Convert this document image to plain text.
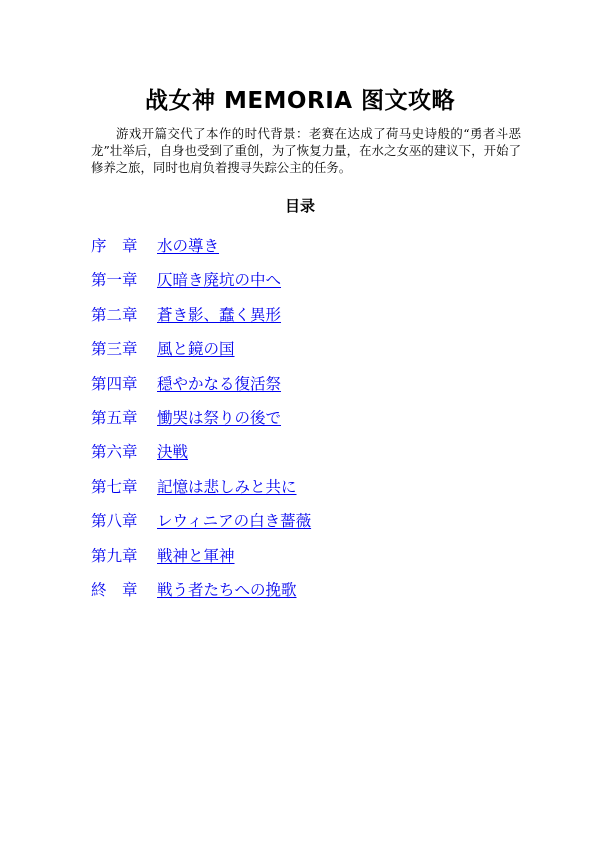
战女神 MEMORIA 图文攻略

游戏开篇交代了本作的时代背景：老赛在达成了荷马史诗般的“勇者斗恶龙”壮举后，自身也受到了重创，为了恢复力量，在水之女巫的建议下，开始了修养之旅，同时也肩负着搜寻失踪公主的任务。

目录
序　章 水の導き
第一章 仄暗き廃坑の中へ
第二章 蒼き影、蠢く異形
第三章 風と鏡の国
第四章 穏やかなる復活祭
第五章 慟哭は祭りの後で
第六章 決戦
第七章 記憶は悲しみと共に
第八章 レウィニアの白き薔薇
第九章 戦神と軍神
終　章 戦う者たちへの挽歌
